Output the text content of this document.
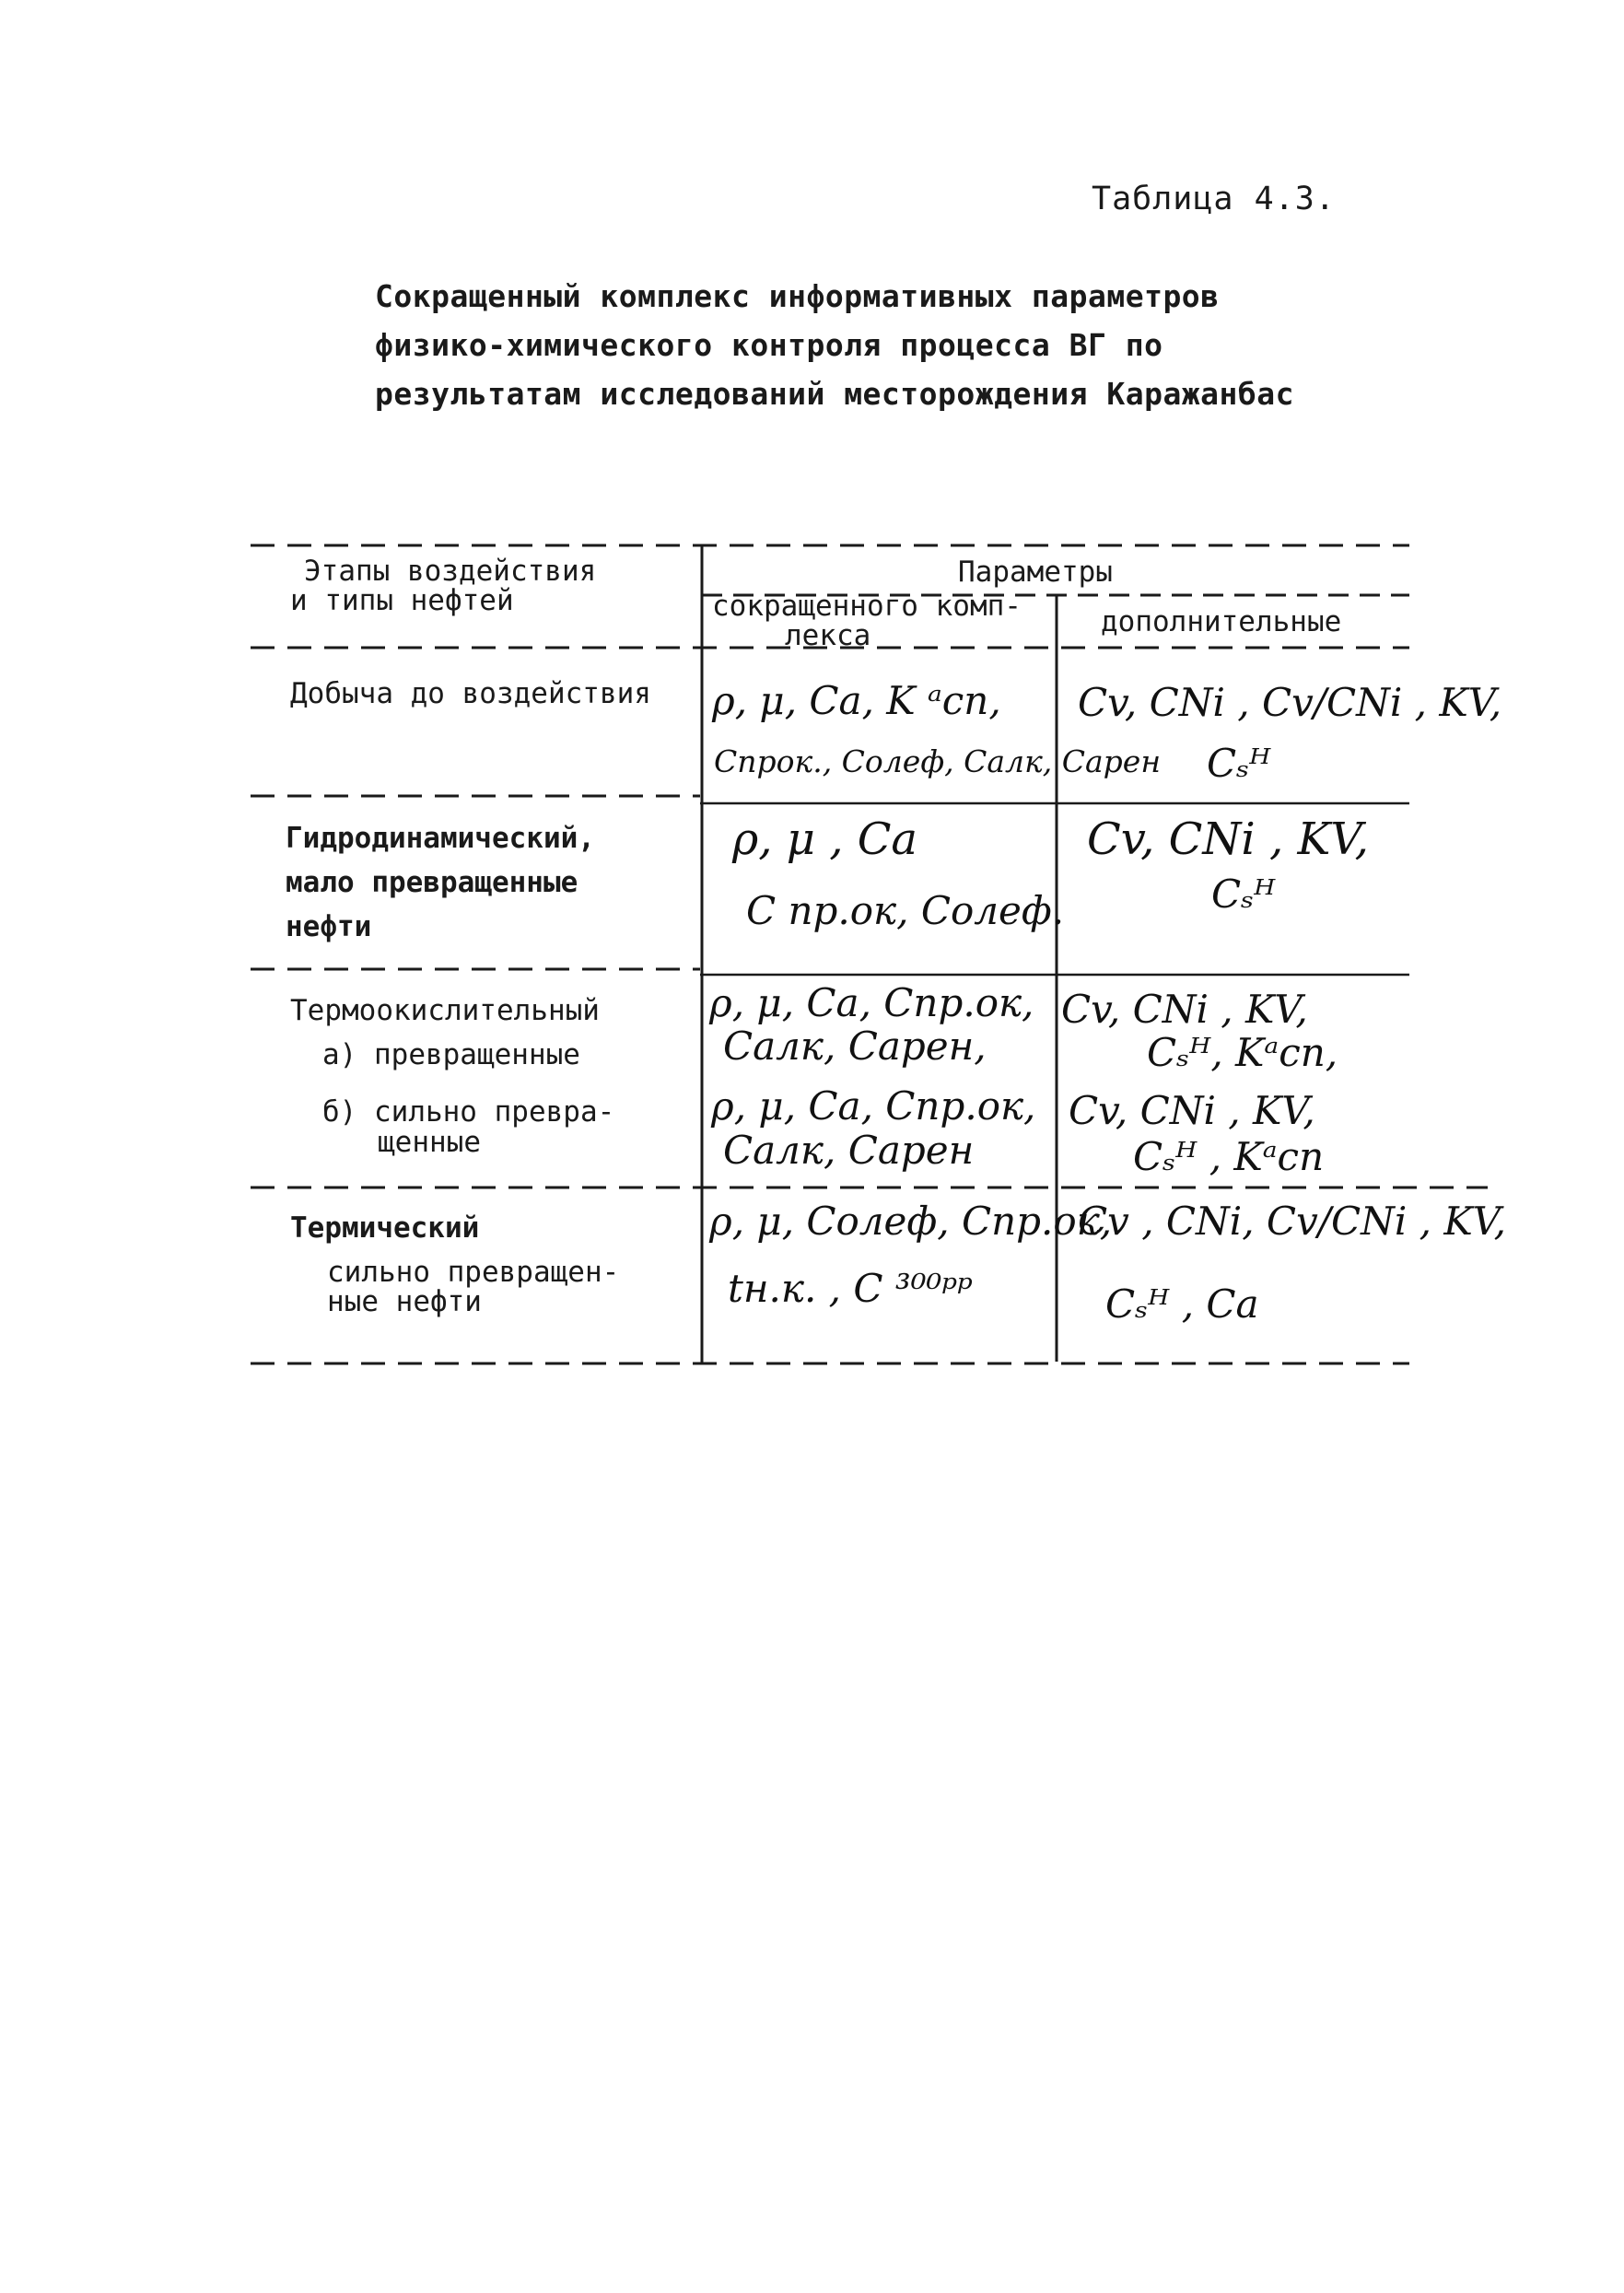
Таблица 4.3.
Сокращенный комплекс информативных параметров
физико-химического контроля процесса ВГ по
результатам исследований месторождения Каражанбас
Этапы воздействия
и типы нефтей
Параметры
сокращенного комп-
лекса	дополнительные
Добыча до воздействия ρ, μ, Ca, K ᵃсп,
Cпрок., Cолеф, Cалк, Cарен
Cv, CNi , Cv/CNi , KV,
Cₛᴴ
Гидродинамический,
мало превращенные
нефти
ρ, μ , Ca
C пр.ок, Cолеф.
Cv, CNi , KV,
Cₛᴴ
Термоокислительный
а) превращенные
б) сильно превра-
щенные
ρ, μ, Ca, Cпр.ок,
Cалк, Cарен,
ρ, μ, Ca, Cпр.ок,
Cалк, Cарен
Cv, CNi , KV,
Cₛᴴ, Kᵃсп,
Cv, CNi , KV,
Cₛᴴ , Kᵃсп
Термический
сильно превращен-
ные нефти
ρ, μ, Cолеф, Cпр.ок,
tн.к. , C ³⁰⁰ᵖᵖ
Cv , CNi, Cv/CNi , KV,
Cₛᴴ , Ca
